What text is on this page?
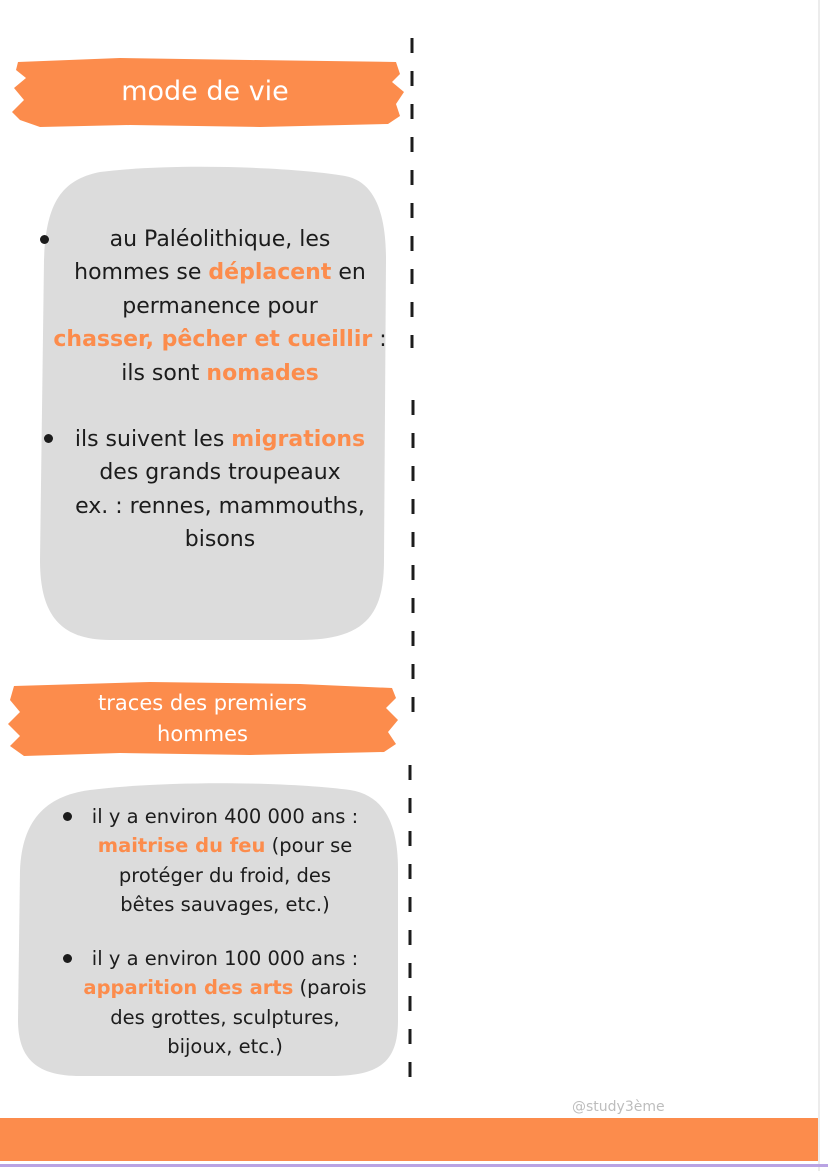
mode de vie
au Paléolithique, les
hommes se déplacent en
permanence pour
chasser, pêcher et cueillir :
ils sont nomades
ils suivent les migrations
des grands troupeaux
ex. : rennes, mammouths,
bisons
traces des premiers
hommes
il y a environ 400 000 ans :
maitrise du feu (pour se
protéger du froid, des
bêtes sauvages, etc.)
il y a environ 100 000 ans :
apparition des arts (parois
des grottes, sculptures,
bijoux, etc.)
@study3ème
